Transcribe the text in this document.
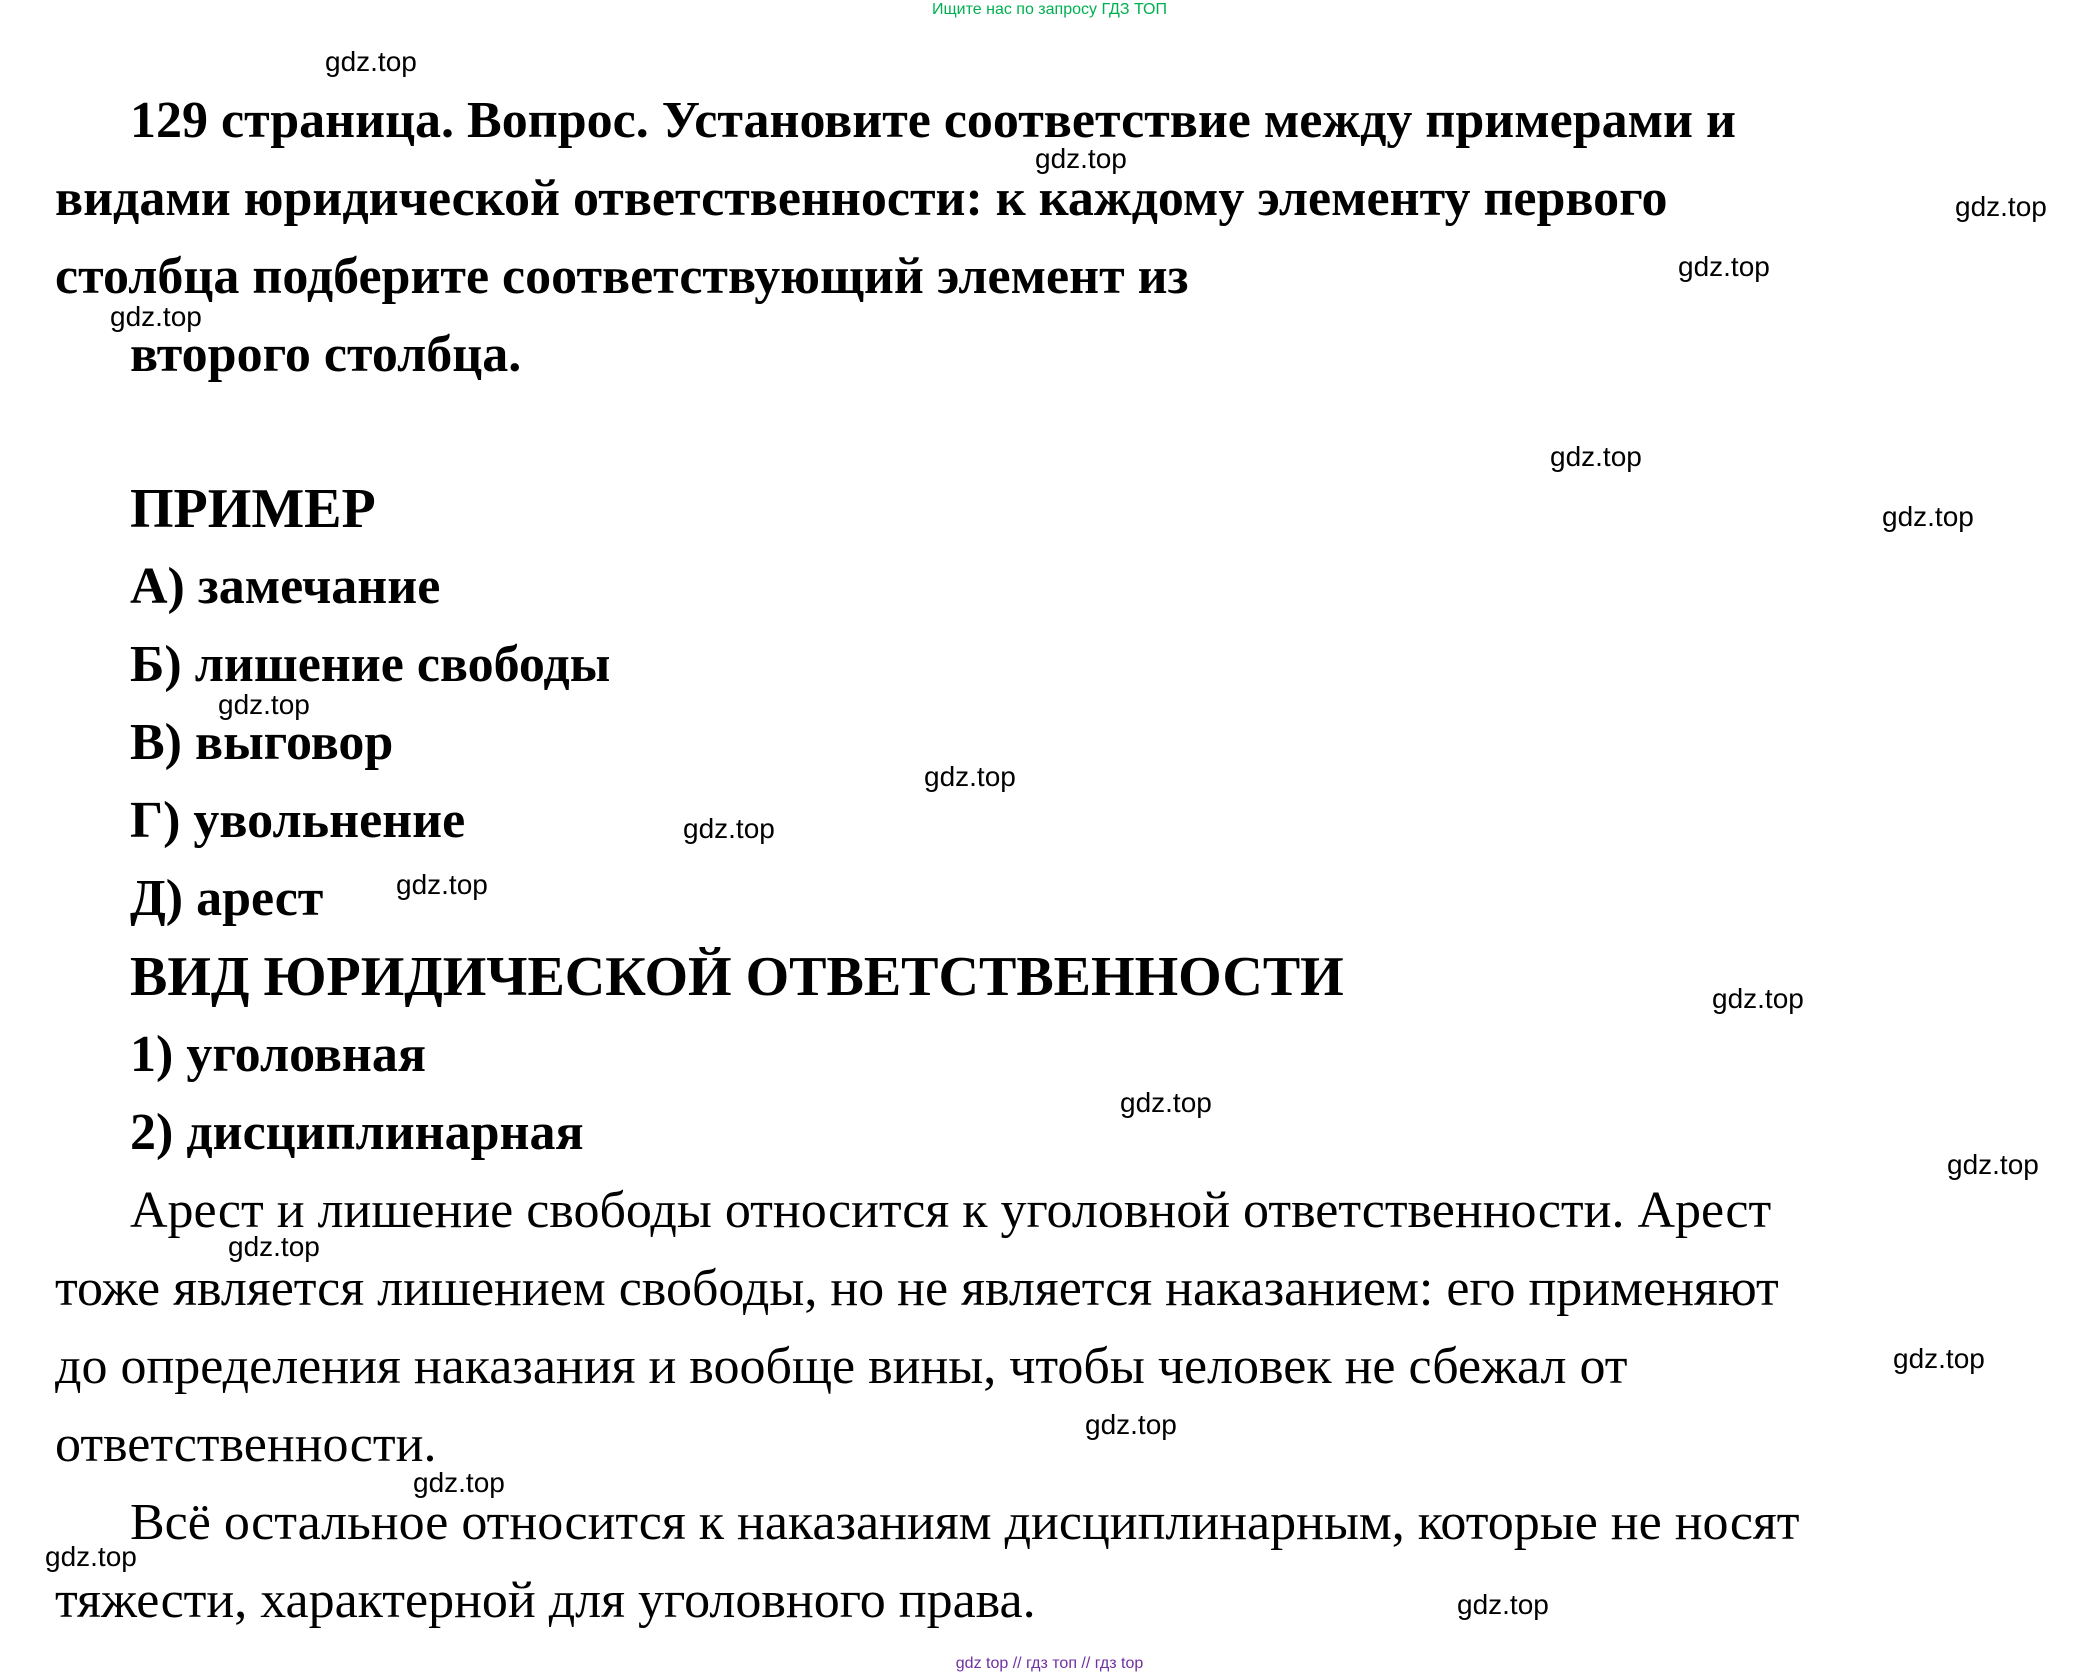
Ищите нас по запросу ГДЗ ТОП
129 страница. Вопрос. Установите соответствие между примерами и
видами юридической ответственности: к каждому элементу первого
столбца подберите соответствующий элемент из
второго столбца.
ПРИМЕР
А) замечание
Б) лишение свободы
В) выговор
Г) увольнение
Д) арест
ВИД ЮРИДИЧЕСКОЙ ОТВЕТСТВЕННОСТИ
1) уголовная
2) дисциплинарная
Арест и лишение свободы относится к уголовной ответственности. Арест
тоже является лишением свободы, но не является наказанием: его применяют
до определения наказания и вообще вины, чтобы человек не сбежал от
ответственности.
Всё остальное относится к наказаниям дисциплинарным, которые не носят
тяжести, характерной для уголовного права.
gdz.top
gdz.top
gdz.top
gdz.top
gdz.top
gdz.top
gdz.top
gdz.top
gdz.top
gdz.top
gdz.top
gdz.top
gdz.top
gdz.top
gdz.top
gdz.top
gdz.top
gdz.top
gdz.top
gdz.top
gdz top // гдз топ // гдз top
